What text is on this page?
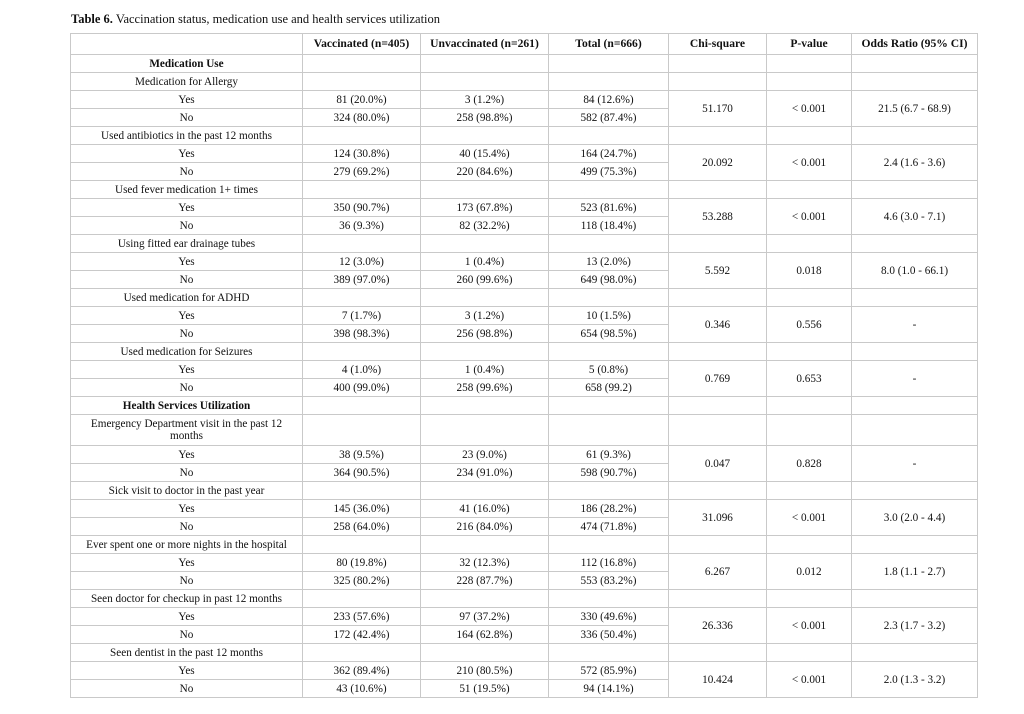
Table 6. Vaccination status, medication use and health services utilization
	Vaccinated (n=405)	Unvaccinated (n=261)	Total (n=666)	Chi-square	P-value	Odds Ratio (95% CI)
Medication Use						
Medication for Allergy						
Yes	81 (20.0%)	3 (1.2%)	84 (12.6%)	51.170	< 0.001	21.5 (6.7 - 68.9)
No	324 (80.0%)	258 (98.8%)	582 (87.4%)			
Used antibiotics in the past 12 months						
Yes	124 (30.8%)	40 (15.4%)	164 (24.7%)	20.092	< 0.001	2.4 (1.6 - 3.6)
No	279 (69.2%)	220 (84.6%)	499 (75.3%)			
Used fever medication 1+ times						
Yes	350 (90.7%)	173 (67.8%)	523 (81.6%)	53.288	< 0.001	4.6 (3.0 - 7.1)
No	36 (9.3%)	82 (32.2%)	118 (18.4%)			
Using fitted ear drainage tubes						
Yes	12 (3.0%)	1 (0.4%)	13 (2.0%)	5.592	0.018	8.0 (1.0 - 66.1)
No	389 (97.0%)	260 (99.6%)	649 (98.0%)			
Used medication for ADHD						
Yes	7 (1.7%)	3 (1.2%)	10 (1.5%)	0.346	0.556	-
No	398 (98.3%)	256 (98.8%)	654 (98.5%)			
Used medication for Seizures						
Yes	4 (1.0%)	1 (0.4%)	5 (0.8%)	0.769	0.653	-
No	400 (99.0%)	258 (99.6%)	658 (99.2)			
Health Services Utilization						
Emergency Department visit in the past 12 months						
Yes	38 (9.5%)	23 (9.0%)	61 (9.3%)	0.047	0.828	-
No	364 (90.5%)	234 (91.0%)	598 (90.7%)			
Sick visit to doctor in the past year						
Yes	145 (36.0%)	41 (16.0%)	186 (28.2%)	31.096	< 0.001	3.0 (2.0 - 4.4)
No	258 (64.0%)	216 (84.0%)	474 (71.8%)			
Ever spent one or more nights in the hospital						
Yes	80 (19.8%)	32 (12.3%)	112 (16.8%)	6.267	0.012	1.8 (1.1 - 2.7)
No	325 (80.2%)	228 (87.7%)	553 (83.2%)			
Seen doctor for checkup in past 12 months						
Yes	233 (57.6%)	97 (37.2%)	330 (49.6%)	26.336	< 0.001	2.3 (1.7 - 3.2)
No	172 (42.4%)	164 (62.8%)	336 (50.4%)			
Seen dentist in the past 12 months						
Yes	362 (89.4%)	210 (80.5%)	572 (85.9%)	10.424	< 0.001	2.0 (1.3 - 3.2)
No	43 (10.6%)	51 (19.5%)	94 (14.1%)			
